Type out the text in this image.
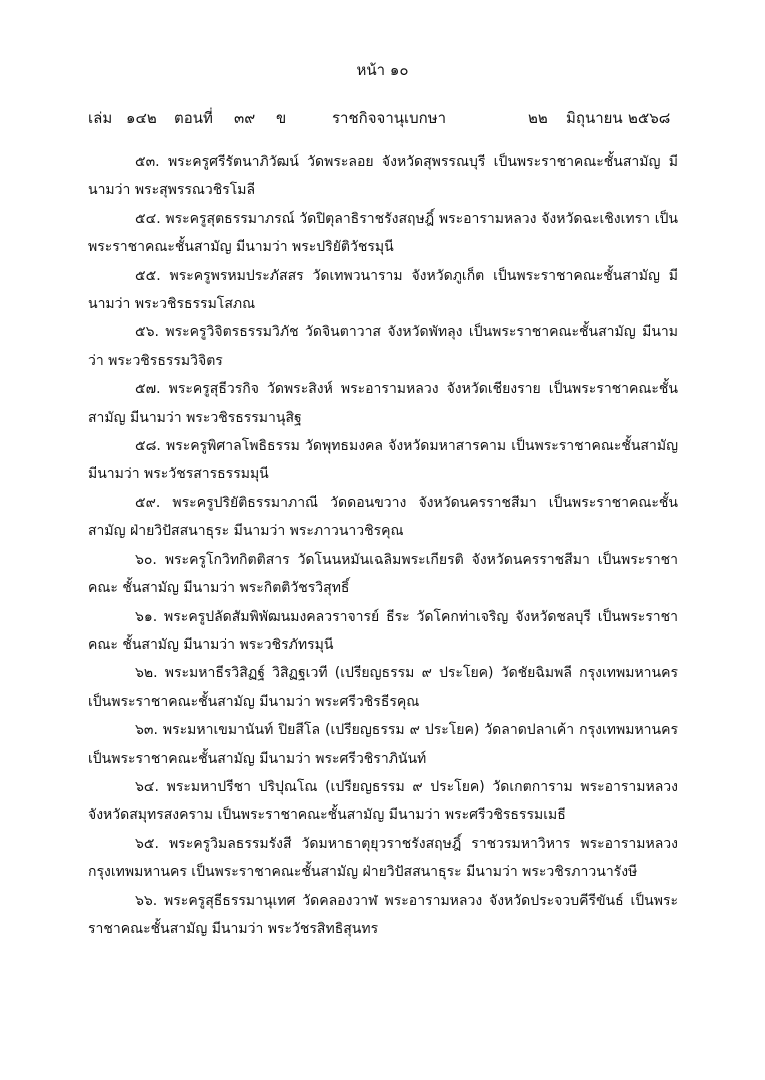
หน้า ๑๐
เล่ม ๑๔๒ ตอนที่ ๓๙ ข	ราชกิจจานุเบกษา	๒๒ มิถุนายน ๒๕๖๘

๕๓. พระครูศรีรัตนาภิวัฒน์ วัดพระลอย จังหวัดสุพรรณบุรี เป็นพระราชาคณะชั้นสามัญ มีนามว่า พระสุพรรณวชิรโมลี

๕๔. พระครูสุตธรรมาภรณ์ วัดปิตุลาธิราชรังสฤษฎิ์ พระอารามหลวง จังหวัดฉะเชิงเทรา เป็นพระราชาคณะชั้นสามัญ มีนามว่า พระปริยัติวัชรมุนี

๕๕. พระครูพรหมประภัสสร วัดเทพวนาราม จังหวัดภูเก็ต เป็นพระราชาคณะชั้นสามัญ มีนามว่า พระวชิรธรรมโสภณ

๕๖. พระครูวิจิตรธรรมวิภัช วัดจินตาวาส จังหวัดพัทลุง เป็นพระราชาคณะชั้นสามัญ มีนามว่า พระวชิรธรรมวิจิตร

๕๗. พระครูสุธีวรกิจ วัดพระสิงห์ พระอารามหลวง จังหวัดเชียงราย เป็นพระราชาคณะชั้นสามัญ มีนามว่า พระวชิรธรรมานุสิฐ

๕๘. พระครูพิศาลโพธิธรรม วัดพุทธมงคล จังหวัดมหาสารคาม เป็นพระราชาคณะชั้นสามัญ มีนามว่า พระวัชรสารธรรมมุนี

๕๙. พระครูปริยัติธรรมาภาณี วัดดอนขวาง จังหวัดนครราชสีมา เป็นพระราชาคณะชั้นสามัญ ฝ่ายวิปัสสนาธุระ มีนามว่า พระภาวนาวชิรคุณ

๖๐. พระครูโกวิทกิตติสาร วัดโนนหมันเฉลิมพระเกียรติ จังหวัดนครราชสีมา เป็นพระราชาคณะ ชั้นสามัญ มีนามว่า พระกิตติวัชรวิสุทธิ์

๖๑. พระครูปลัดสัมพิพัฒนมงคลวราจารย์ ธีระ วัดโคกท่าเจริญ จังหวัดชลบุรี เป็นพระราชาคณะ ชั้นสามัญ มีนามว่า พระวชิรภัทรมุนี

๖๒. พระมหาธีรวิสิฏฐ์ วิสิฏฐเวที (เปรียญธรรม ๙ ประโยค) วัดชัยฉิมพลี กรุงเทพมหานคร เป็นพระราชาคณะชั้นสามัญ มีนามว่า พระศรีวชิรธีรคุณ

๖๓. พระมหาเขมานันท์ ปิยสีโล (เปรียญธรรม ๙ ประโยค) วัดลาดปลาเค้า กรุงเทพมหานคร เป็นพระราชาคณะชั้นสามัญ มีนามว่า พระศรีวชิราภินันท์

๖๔. พระมหาปรีชา ปริปุณโณ (เปรียญธรรม ๙ ประโยค) วัดเกตการาม พระอารามหลวง จังหวัดสมุทรสงคราม เป็นพระราชาคณะชั้นสามัญ มีนามว่า พระศรีวชิรธรรมเมธี

๖๕. พระครูวิมลธรรมรังสี วัดมหาธาตุยุวราชรังสฤษฎิ์ ราชวรมหาวิหาร พระอารามหลวง กรุงเทพมหานคร เป็นพระราชาคณะชั้นสามัญ ฝ่ายวิปัสสนาธุระ มีนามว่า พระวชิรภาวนารังษี

๖๖. พระครูสุธีธรรมานุเทศ วัดคลองวาฬ พระอารามหลวง จังหวัดประจวบคีรีขันธ์ เป็นพระราชาคณะชั้นสามัญ มีนามว่า พระวัชรสิทธิสุนทร
